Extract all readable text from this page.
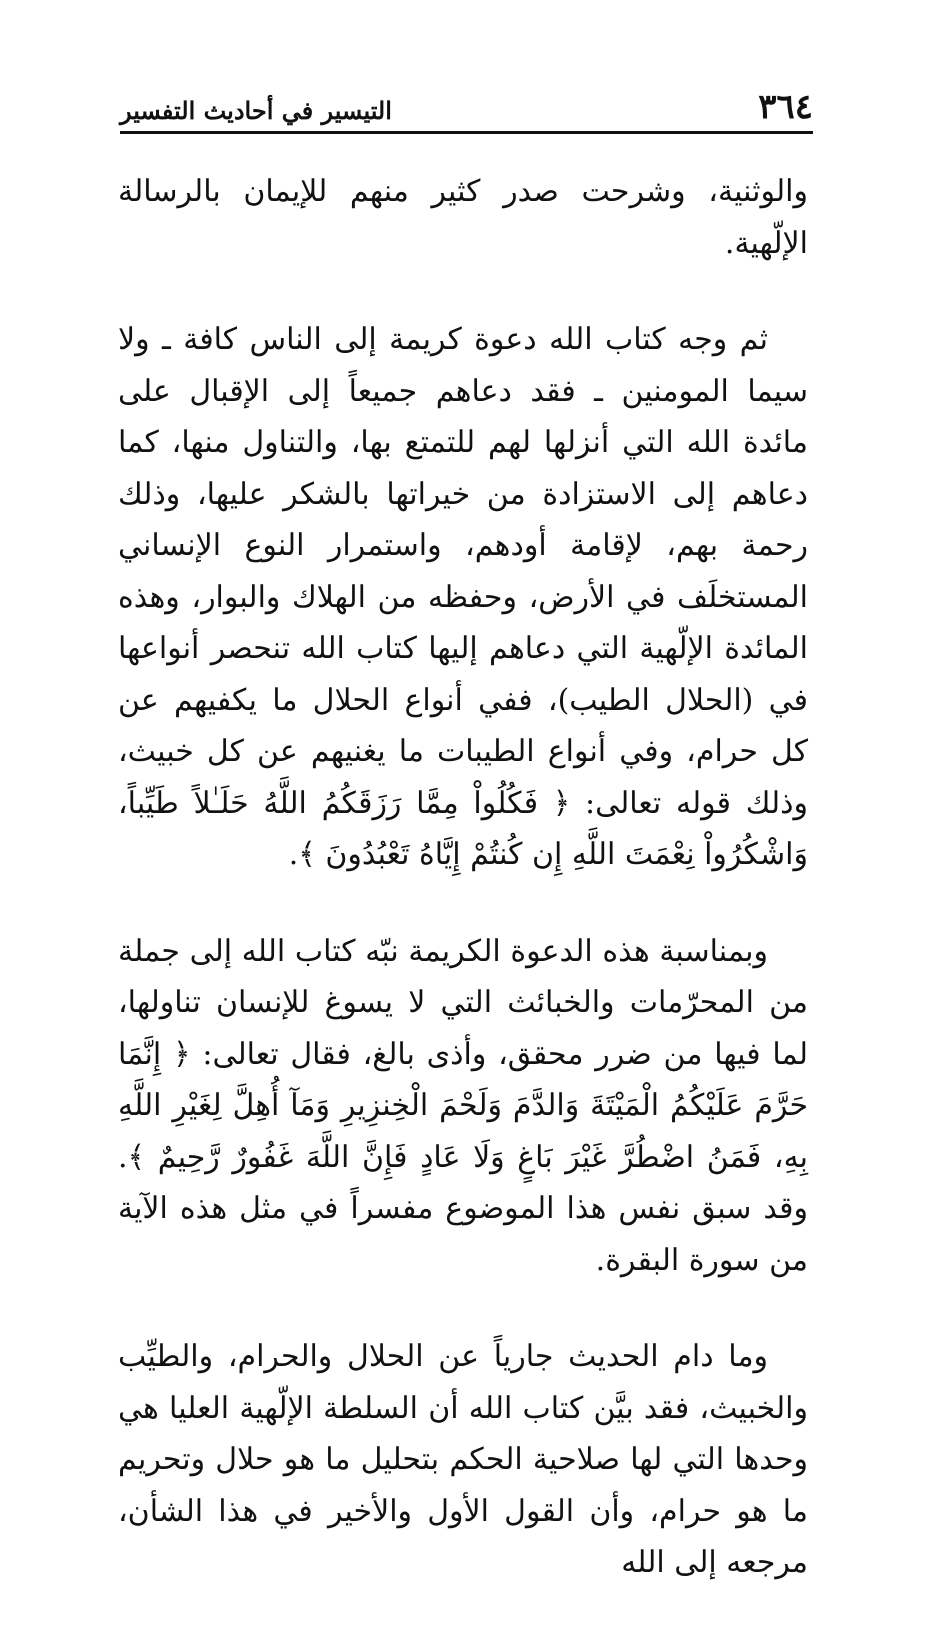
٣٦٤
التيسير في أحاديث التفسير

والوثنية، وشرحت صدر كثير منهم للإيمان بالرسالة الإلّهية.

ثم وجه كتاب الله دعوة كريمة إلى الناس كافة ـ ولا سيما المومنين ـ فقد دعاهم جميعاً إلى الإقبال على مائدة الله التي أنزلها لهم للتمتع بها، والتناول منها، كما دعاهم إلى الاستزادة من خيراتها بالشكر عليها، وذلك رحمة بهم، لإقامة أودهم، واستمرار النوع الإنساني المستخلَف في الأرض، وحفظه من الهلاك والبوار، وهذه المائدة الإلّهية التي دعاهم إليها كتاب الله تنحصر أنواعها في (الحلال الطيب)، ففي أنواع الحلال ما يكفيهم عن كل حرام، وفي أنواع الطيبات ما يغنيهم عن كل خبيث، وذلك قوله تعالى: ﴿ فَكُلُواْ مِمَّا رَزَقَكُمُ اللَّهُ حَلَـٰلاً طَيِّباً، وَاشْكُرُواْ نِعْمَتَ اللَّهِ إِن كُنتُمْ إِيَّاهُ تَعْبُدُونَ ﴾.

وبمناسبة هذه الدعوة الكريمة نبّه كتاب الله إلى جملة من المحرّمات والخبائث التي لا يسوغ للإنسان تناولها، لما فيها من ضرر محقق، وأذى بالغ، فقال تعالى: ﴿ إِنَّمَا حَرَّمَ عَلَيْكُمُ الْمَيْتَةَ وَالدَّمَ وَلَحْمَ الْخِنزِيرِ وَمَآ أُهِلَّ لِغَيْرِ اللَّهِ بِهِ، فَمَنُ اضْطُرَّ غَيْرَ بَاغٍ وَلَا عَادٍ فَإِنَّ اللَّهَ غَفُورٌ رَّحِيمٌ ﴾. وقد سبق نفس هذا الموضوع مفسراً في مثل هذه الآية من سورة البقرة.

وما دام الحديث جارياً عن الحلال والحرام، والطيِّب والخبيث، فقد بيَّن كتاب الله أن السلطة الإلّهية العليا هي وحدها التي لها صلاحية الحكم بتحليل ما هو حلال وتحريم ما هو حرام، وأن القول الأول والأخير في هذا الشأن، مرجعه إلى الله
